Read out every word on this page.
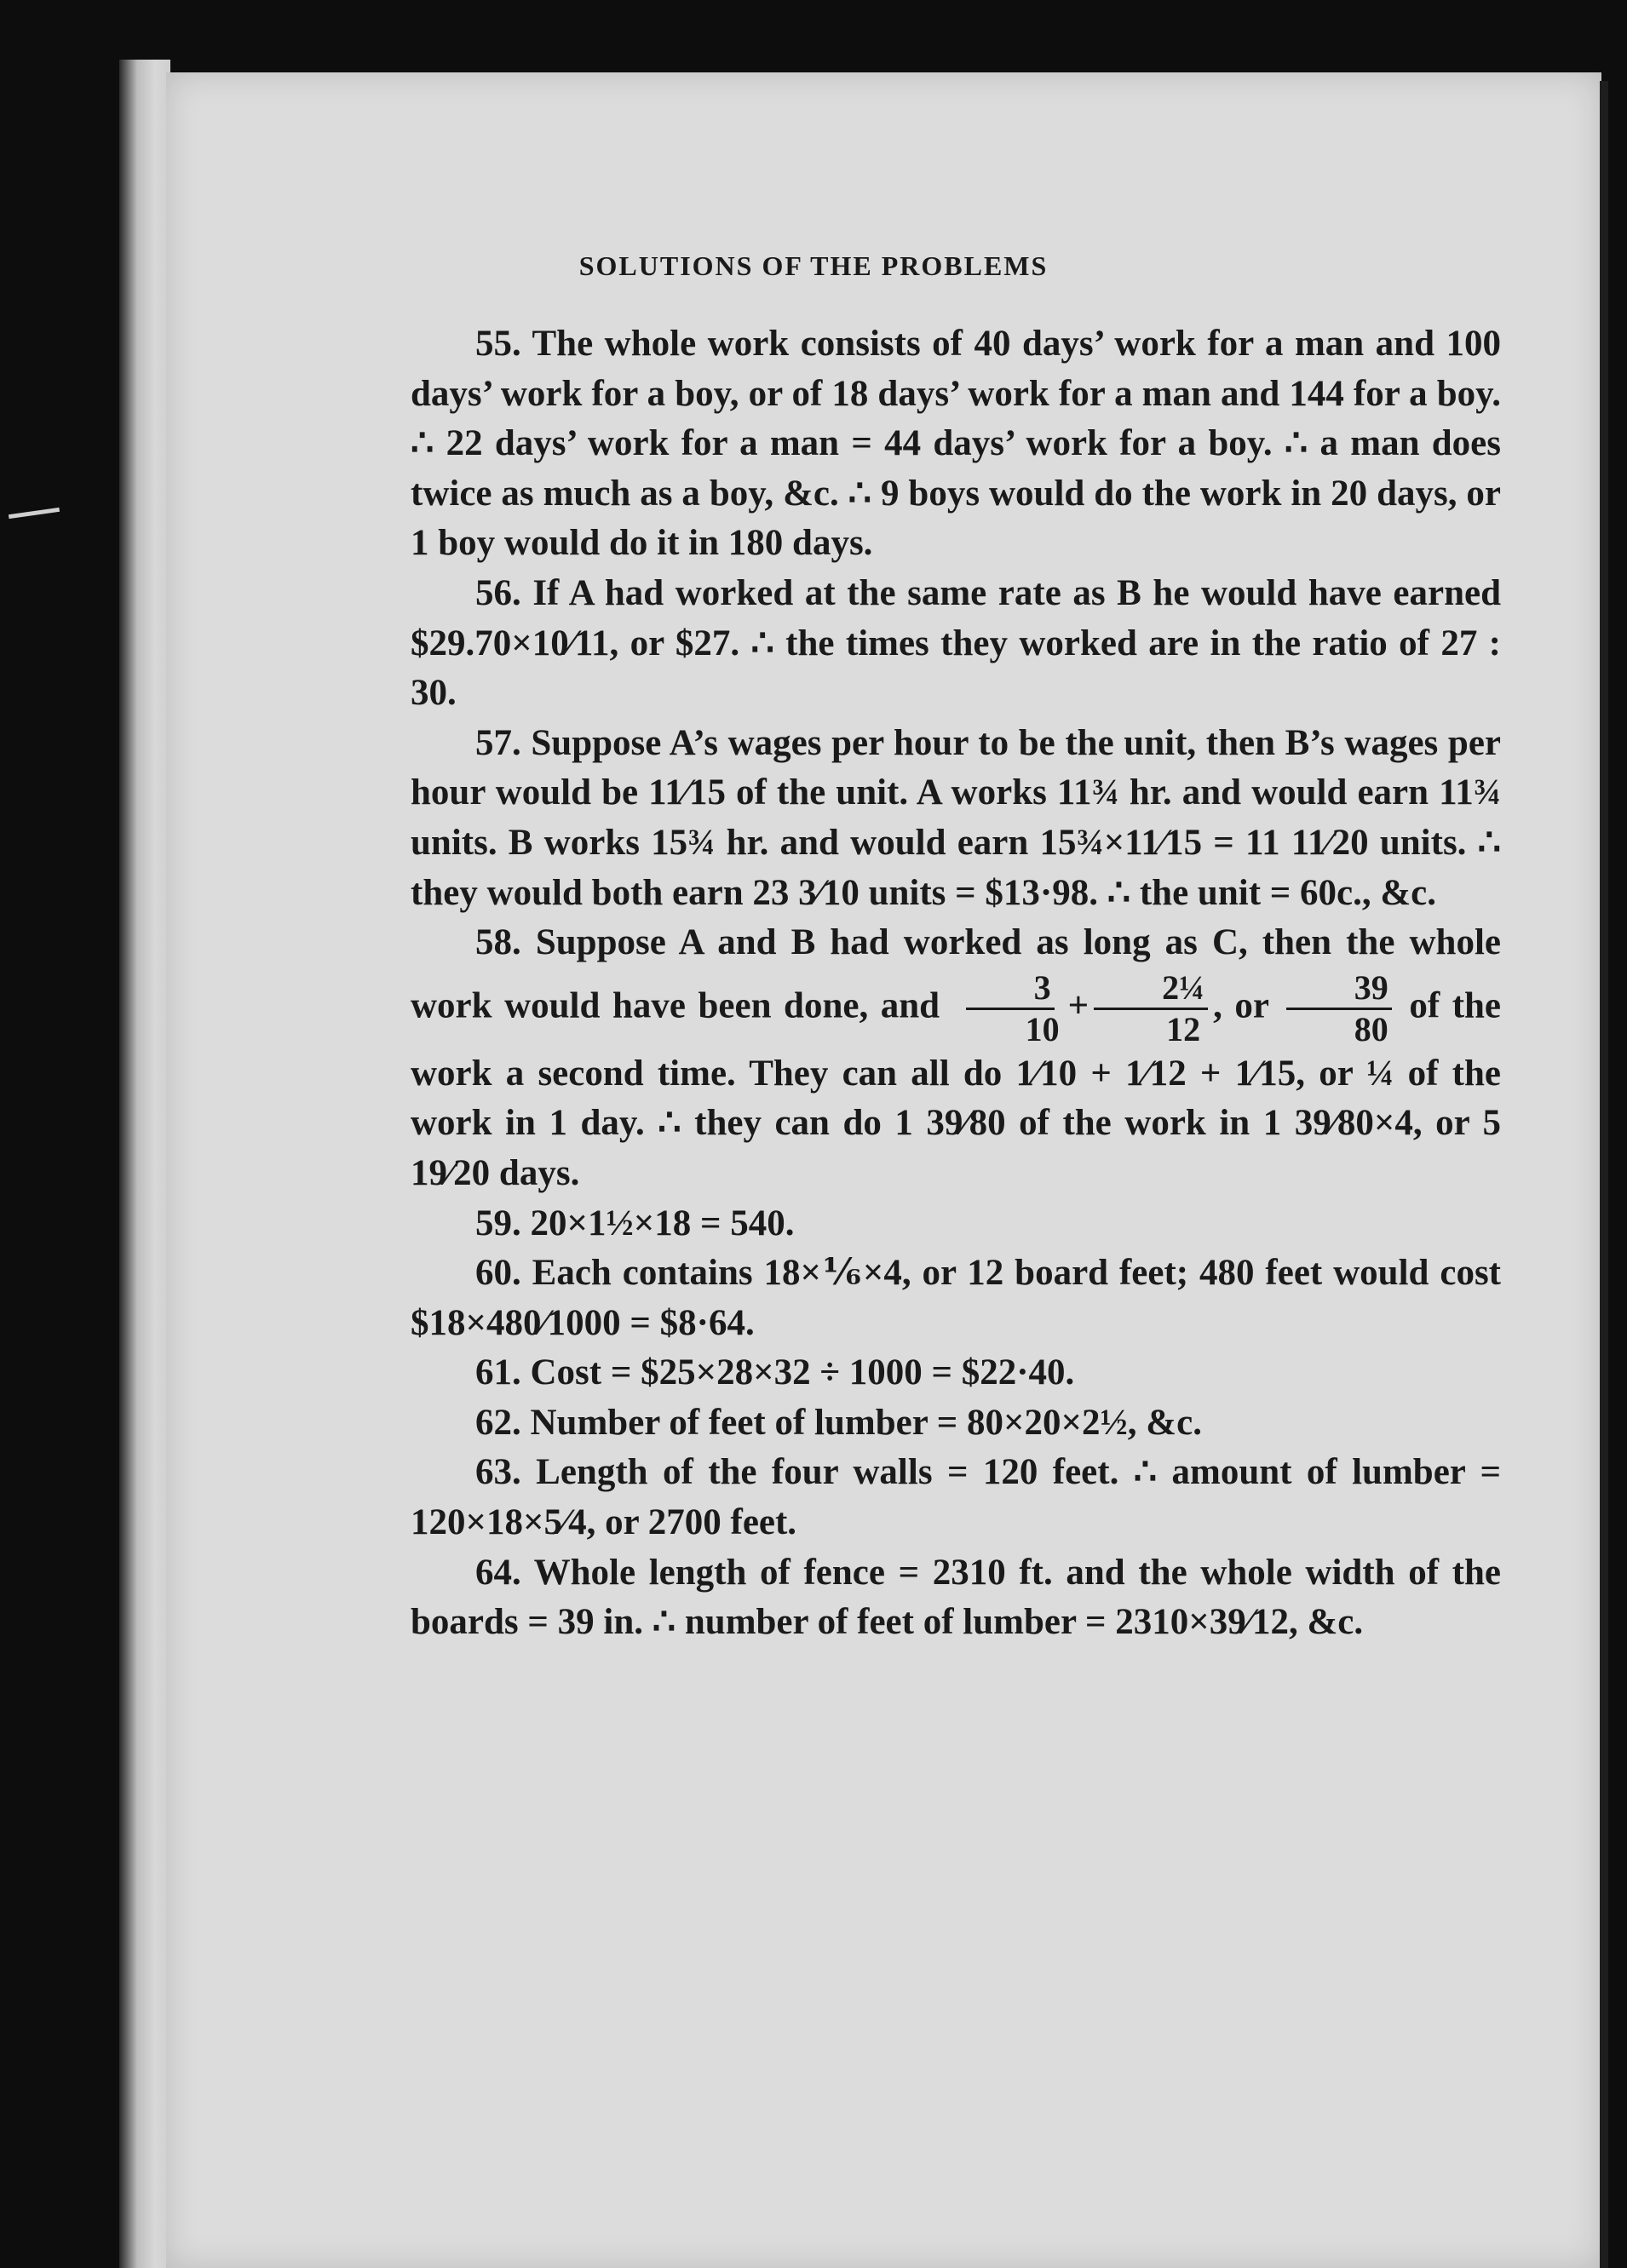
SOLUTIONS OF THE PROBLEMS

55. The whole work consists of 40 days’ work for a man and 100 days’ work for a boy, or of 18 days’ work for a man and 144 for a boy. ∴ 22 days’ work for a man = 44 days’ work for a boy. ∴ a man does twice as much as a boy, &c. ∴ 9 boys would do the work in 20 days, or 1 boy would do it in 180 days.

56. If A had worked at the same rate as B he would have earned $29.70×10⁄11, or $27. ∴ the times they worked are in the ratio of 27 : 30.

57. Suppose A’s wages per hour to be the unit, then B’s wages per hour would be 11⁄15 of the unit. A works 11¾ hr. and would earn 11¾ units. B works 15¾ hr. and would earn 15¾×11⁄15 = 11 11⁄20 units. ∴ they would both earn 23 3⁄10 units = $13·98. ∴ the unit = 60c., &c.

58. Suppose A and B had worked as long as C, then the whole work would have been done, and $\frac{3}{10} + \frac{\text{2¼}}{12}$ , or $\frac{39}{80}$ of the work a second time. They can all do 1⁄10 + 1⁄12 + 1⁄15, or ¼ of the work in 1 day. ∴ they can do 1 39⁄80 of the work in 1 39⁄80×4, or 5 19⁄20 days.

59. 20×1½×18 = 540.

60. Each contains 18×⅙×4, or 12 board feet; 480 feet would cost $18×480⁄1000 = $8·64.

61. Cost = $25×28×32 ÷ 1000 = $22·40.

62. Number of feet of lumber = 80×20×2½, &c.

63. Length of the four walls = 120 feet. ∴ amount of lumber = 120×18×5⁄4, or 2700 feet.

64. Whole length of fence = 2310 ft. and the whole width of the boards = 39 in. ∴ number of feet of lumber = 2310×39⁄12, &c.
